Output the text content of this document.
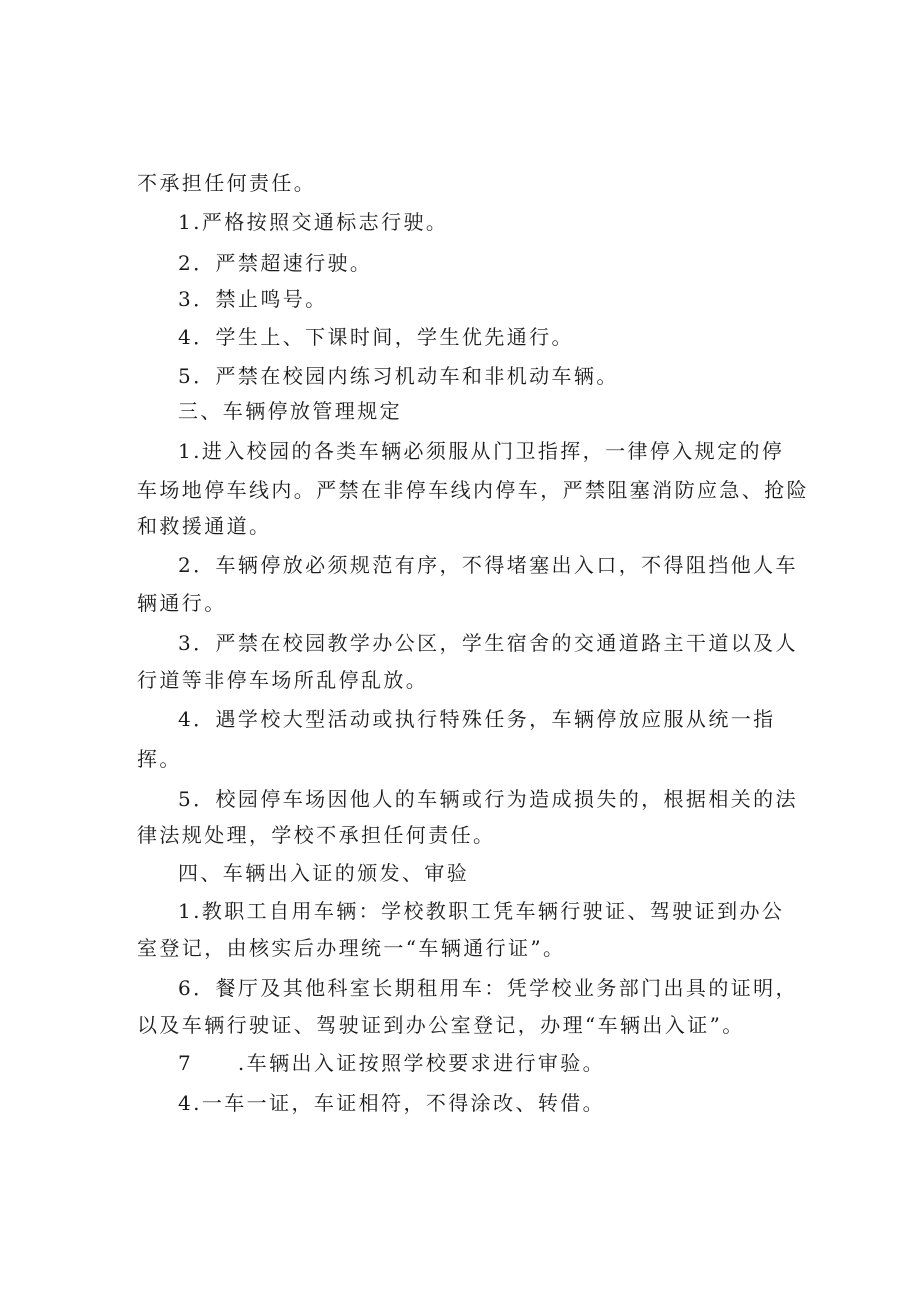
不承担任何责任。
1.严格按照交通标志行驶。
2．严禁超速行驶。
3．禁止鸣号。
4．学生上、下课时间，学生优先通行。
5．严禁在校园内练习机动车和非机动车辆。
三、车辆停放管理规定
1.进入校园的各类车辆必须服从门卫指挥，一律停入规定的停
车场地停车线内。严禁在非停车线内停车，严禁阻塞消防应急、抢险
和救援通道。
2．车辆停放必须规范有序，不得堵塞出入口，不得阻挡他人车
辆通行。
3．严禁在校园教学办公区，学生宿舍的交通道路主干道以及人
行道等非停车场所乱停乱放。
4．遇学校大型活动或执行特殊任务，车辆停放应服从统一指
挥。
5．校园停车场因他人的车辆或行为造成损失的，根据相关的法
律法规处理，学校不承担任何责任。
四、车辆出入证的颁发、审验
1.教职工自用车辆：学校教职工凭车辆行驶证、驾驶证到办公
室登记，由核实后办理统一“车辆通行证”。
6．餐厅及其他科室长期租用车：凭学校业务部门出具的证明，
以及车辆行驶证、驾驶证到办公室登记，办理“车辆出入证”。
7　　.车辆出入证按照学校要求进行审验。
4.一车一证，车证相符，不得涂改、转借。
